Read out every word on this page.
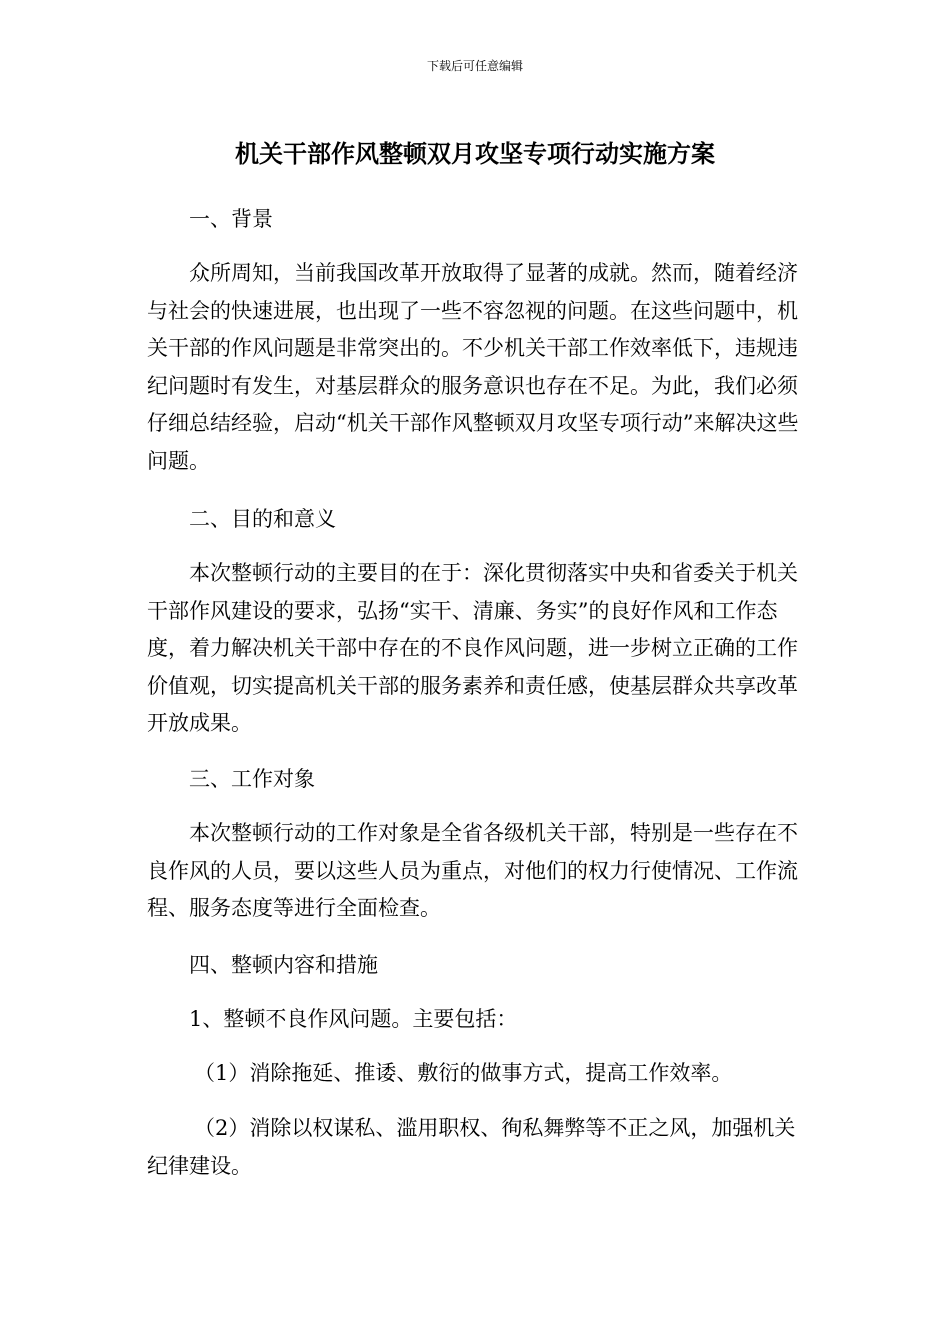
下载后可任意编辑
机关干部作风整顿双月攻坚专项行动实施方案

一、背景

众所周知，当前我国改革开放取得了显著的成就。然而，随着经济与社会的快速进展，也出现了一些不容忽视的问题。在这些问题中，机关干部的作风问题是非常突出的。不少机关干部工作效率低下，违规违纪问题时有发生，对基层群众的服务意识也存在不足。为此，我们必须仔细总结经验，启动“机关干部作风整顿双月攻坚专项行动”来解决这些问题。

二、目的和意义

本次整顿行动的主要目的在于：深化贯彻落实中央和省委关于机关干部作风建设的要求，弘扬“实干、清廉、务实”的良好作风和工作态度，着力解决机关干部中存在的不良作风问题，进一步树立正确的工作价值观，切实提高机关干部的服务素养和责任感，使基层群众共享改革开放成果。

三、工作对象

本次整顿行动的工作对象是全省各级机关干部，特别是一些存在不良作风的人员，要以这些人员为重点，对他们的权力行使情况、工作流程、服务态度等进行全面检查。

四、整顿内容和措施

1、整顿不良作风问题。主要包括：

（1）消除拖延、推诿、敷衍的做事方式，提高工作效率。

（2）消除以权谋私、滥用职权、徇私舞弊等不正之风，加强机关纪律建设。
